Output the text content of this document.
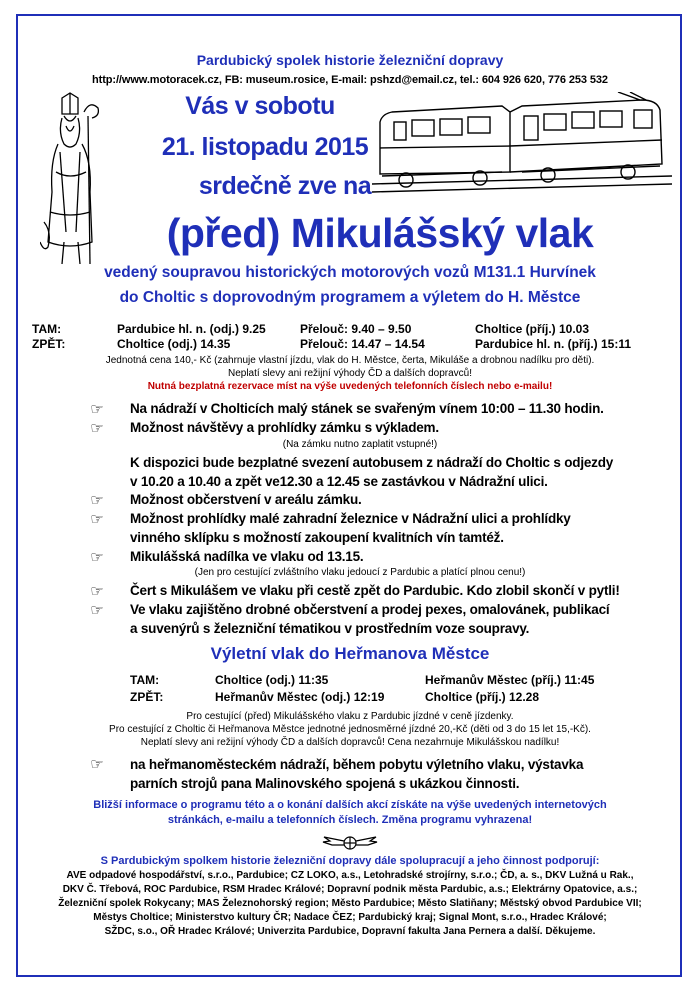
Pardubický spolek historie železniční dopravy
http://www.motoracek.cz, FB: museum.rosice, E-mail: pshzd@email.cz, tel.: 604 926 620, 776 253 532
Vás v sobotu
21. listopadu 2015
srdečně zve na
(před) Mikulášský vlak
vedený soupravou historických motorových vozů M131.1 Hurvínek
do Choltic s doprovodným programem a výletem do H. Městce
TAM:	Pardubice hl. n. (odj.) 9.25	Přelouč: 9.40 – 9.50	Choltice (příj.) 10.03
ZPĚT:	Choltice (odj.) 14.35	Přelouč: 14.47 – 14.54	Pardubice hl. n. (příj.) 15:11
Jednotná cena 140,- Kč (zahrnuje vlastní jízdu, vlak do H. Městce, čerta, Mikuláše a drobnou nadílku pro děti).
Neplatí slevy ani režijní výhody ČD a dalších dopravců!
Nutná bezplatná rezervace míst na výše uvedených telefonních číslech nebo e-mailu!
☞ Na nádraží v Cholticích malý stánek se svařeným vínem 10:00 – 11.30 hodin.
☞ Možnost návštěvy a prohlídky zámku s výkladem.
(Na zámku nutno zaplatit vstupné!)
K dispozici bude bezplatné svezení autobusem z nádraží do Choltic s odjezdy
v 10.20 a 10.40 a zpět ve12.30 a 12.45 se zastávkou v Nádražní ulici.
☞ Možnost občerstvení v areálu zámku.
☞ Možnost prohlídky malé zahradní železnice v Nádražní ulici a prohlídky
vinného sklípku s možností zakoupení kvalitních vín tamtéž.
☞ Mikulášská nadílka ve vlaku od 13.15.
(Jen pro cestující zvláštního vlaku jedoucí z Pardubic a platící plnou cenu!)
☞ Čert s Mikulášem ve vlaku při cestě zpět do Pardubic. Kdo zlobil skončí v pytli!
☞ Ve vlaku zajištěno drobné občerstvení a prodej pexes, omalovánek, publikací
a suvenýrů s železniční tématikou v prostředním voze soupravy.
Výletní vlak do Heřmanova Městce
TAM:	Choltice (odj.) 11:35	Heřmanův Městec (příj.) 11:45
ZPĚT:	Heřmanův Městec (odj.) 12:19	Choltice (příj.) 12.28
Pro cestující (před) Mikulášského vlaku z Pardubic jízdné v ceně jízdenky.
Pro cestující z Choltic či Heřmanova Městce jednotné jednosměrné jízdné 20,-Kč (děti od 3 do 15 let 15,-Kč).
Neplatí slevy ani režijní výhody ČD a dalších dopravců! Cena nezahrnuje Mikulášskou nadílku!
☞ na heřmanoměsteckém nádraží, během pobytu výletního vlaku, výstavka
parních strojů pana Malinovského spojená s ukázkou činnosti.
Bližší informace o programu této a o konání dalších akcí získáte na výše uvedených internetových
stránkách, e-mailu a telefonních číslech. Změna programu vyhrazena!
S Pardubickým spolkem historie železniční dopravy dále spolupracují a jeho činnost podporují:
AVE odpadové hospodářství, s.r.o., Pardubice; CZ LOKO, a.s., Letohradské strojírny, s.r.o.; ČD, a. s., DKV Lužná u Rak.,
DKV Č. Třebová, ROC Pardubice, RSM Hradec Králové; Dopravní podnik města Pardubic, a.s.; Elektrárny Opatovice, a.s.;
Železniční spolek Rokycany; MAS Železnohorský region; Město Pardubice; Město Slatiňany; Městský obvod Pardubice VII;
Městys Choltice; Ministerstvo kultury ČR; Nadace ČEZ; Pardubický kraj; Signal Mont, s.r.o., Hradec Králové;
SŽDC, s.o., OŘ Hradec Králové; Univerzita Pardubice, Dopravní fakulta Jana Pernera a další. Děkujeme.
